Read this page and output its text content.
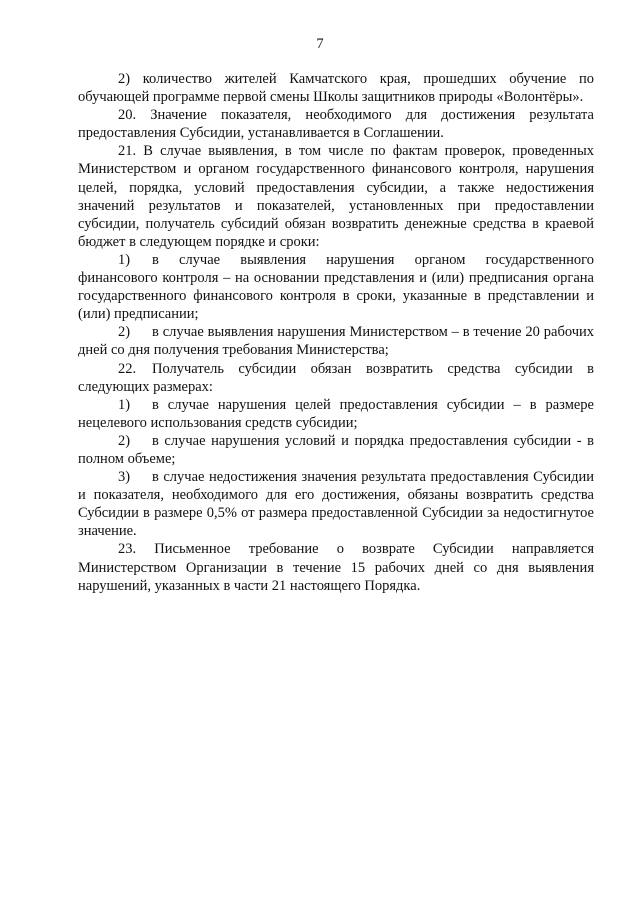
7

2) количество жителей Камчатского края, прошедших обучение по обучающей программе первой смены Школы защитников природы «Волонтёры».

20. Значение показателя, необходимого для достижения результата предоставления Субсидии, устанавливается в Соглашении.

21. В случае выявления, в том числе по фактам проверок, проведенных Министерством и органом государственного финансового контроля, нарушения целей, порядка, условий предоставления субсидии, а также недостижения значений результатов и показателей, установленных при предоставлении субсидии, получатель субсидий обязан возвратить денежные средства в краевой бюджет в следующем порядке и сроки:

1) в случае выявления нарушения органом государственного финансового контроля – на основании представления и (или) предписания органа государственного финансового контроля в сроки, указанные в представлении и (или) предписании;

2) в случае выявления нарушения Министерством – в течение 20 рабочих дней со дня получения требования Министерства;

22. Получатель субсидии обязан возвратить средства субсидии в следующих размерах:

1) в случае нарушения целей предоставления субсидии – в размере нецелевого использования средств субсидии;

2) в случае нарушения условий и порядка предоставления субсидии - в полном объеме;

3) в случае недостижения значения результата предоставления Субсидии и показателя, необходимого для его достижения, обязаны возвратить средства Субсидии в размере 0,5% от размера предоставленной Субсидии за недостигнутое значение.

23. Письменное требование о возврате Субсидии направляется Министерством Организации в течение 15 рабочих дней со дня выявления нарушений, указанных в части 21 настоящего Порядка.
